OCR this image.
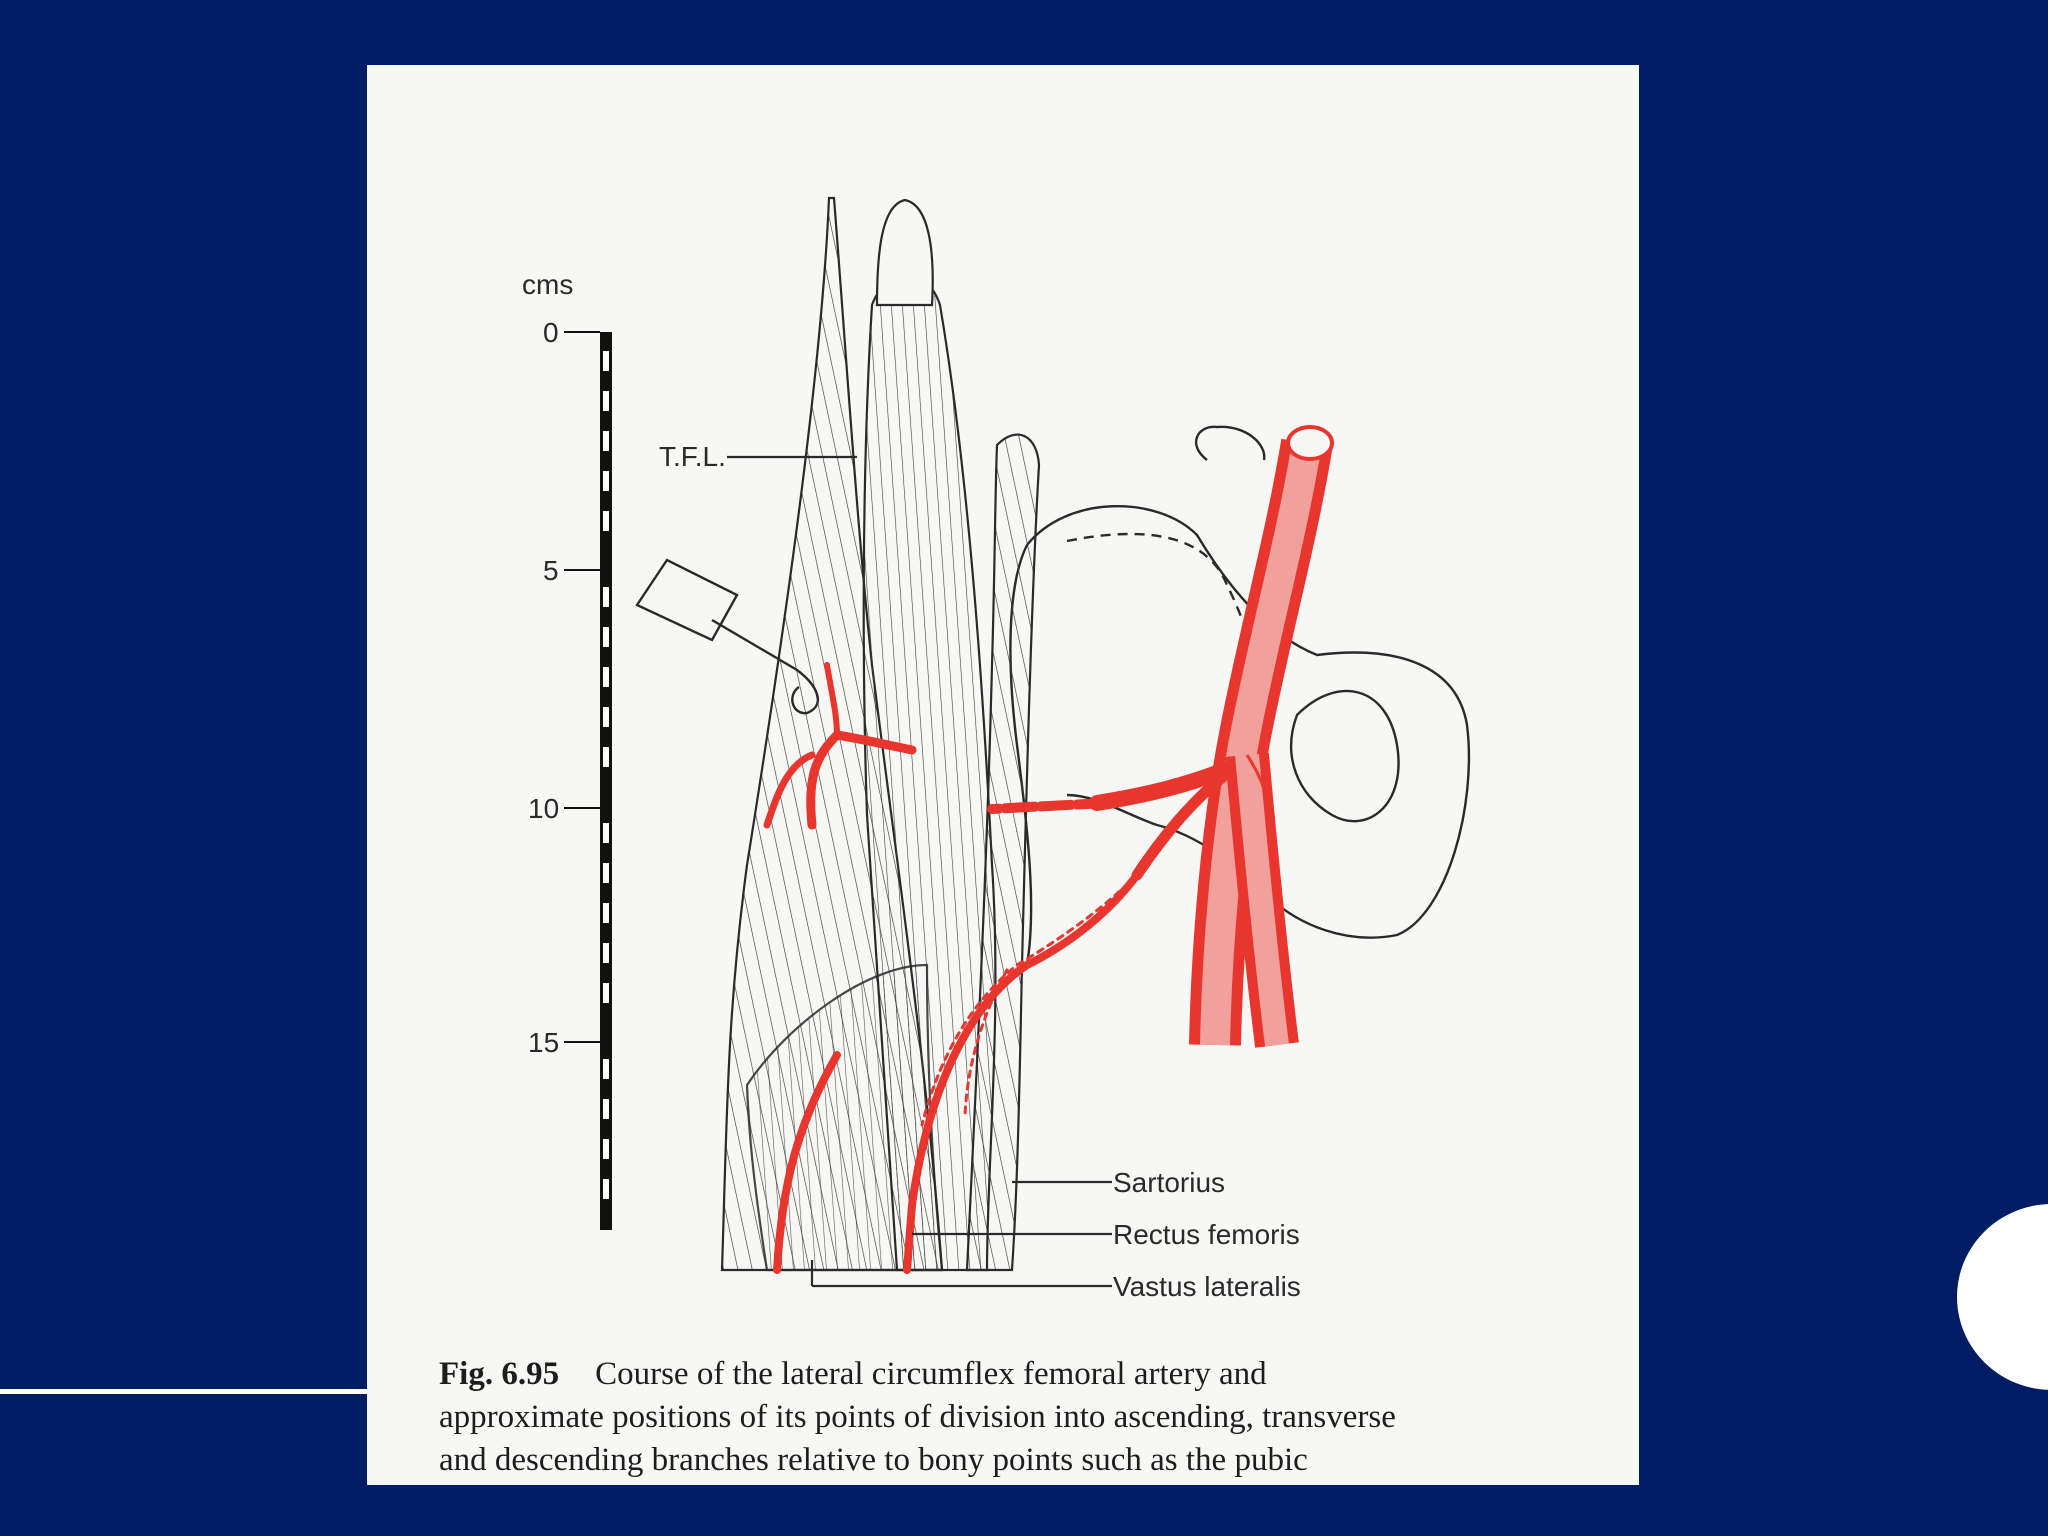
cms
0
5
10
15
T.F.L.
Sartorius
Rectus femoris
Vastus lateralis

Fig. 6.95 Course of the lateral circumflex femoral artery and
approximate positions of its points of division into ascending, transverse
and descending branches relative to bony points such as the pubic
